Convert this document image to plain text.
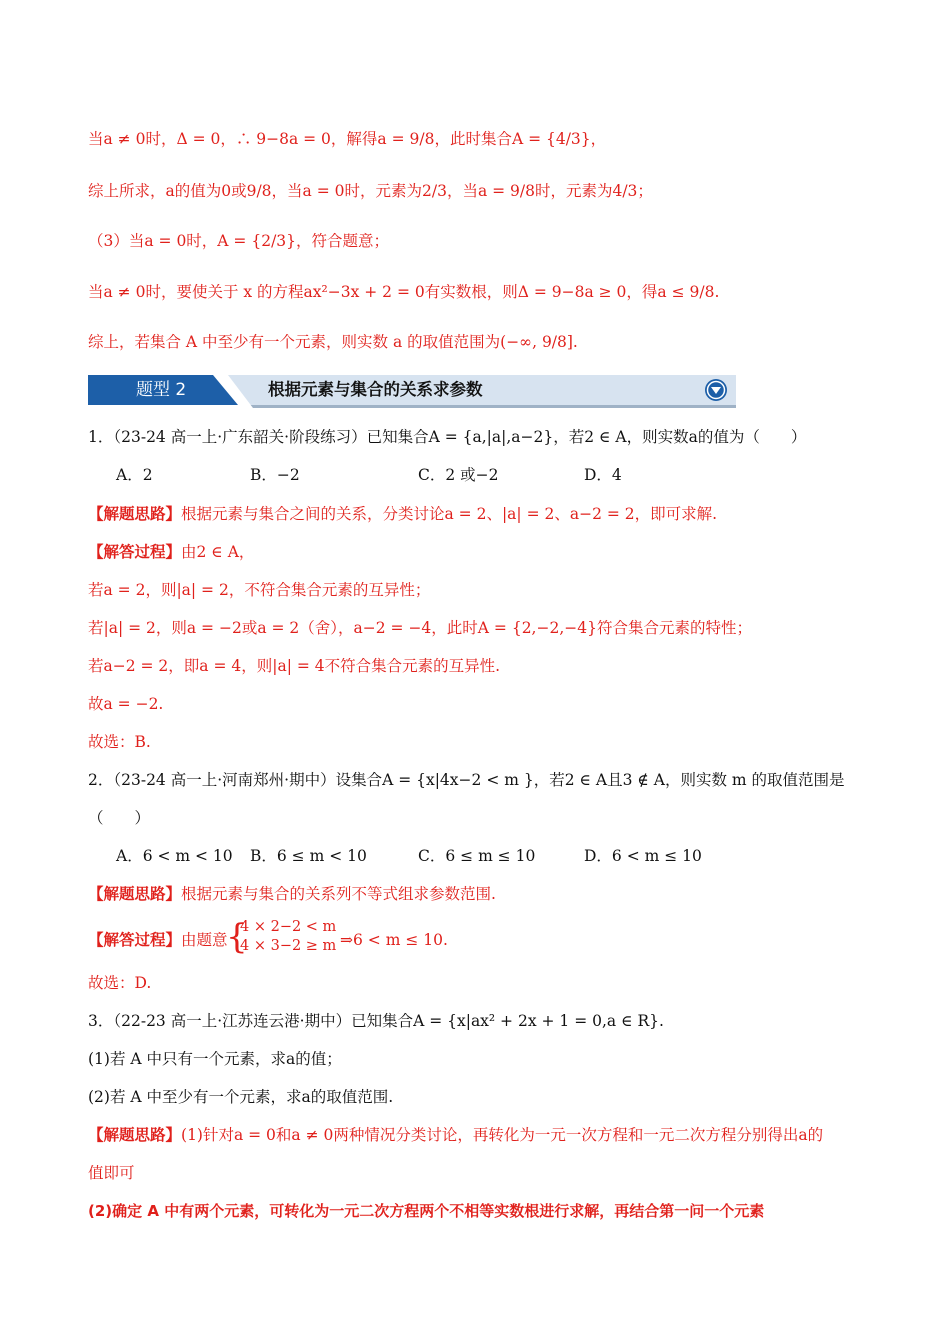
当a ≠ 0时，Δ = 0，∴ 9−8a = 0，解得a = 9/8，此时集合A = {4/3}，
综上所求，a的值为0或9/8，当a = 0时，元素为2/3，当a = 9/8时，元素为4/3；
（3）当a = 0时，A = {2/3}，符合题意；
当a ≠ 0时，要使关于 x 的方程ax²−3x + 2 = 0有实数根，则Δ = 9−8a ≥ 0，得a ≤ 9/8.
综上，若集合 A 中至少有一个元素，则实数 a 的取值范围为(−∞, 9/8].
题型 2	根据元素与集合的关系求参数
1．（23-24 高一上·广东韶关·阶段练习）已知集合A = {a,|a|,a−2}，若2 ∈ A，则实数a的值为（　　）
A．2	B．−2	C．2 或−2	D．4
【解题思路】根据元素与集合之间的关系，分类讨论a = 2、|a| = 2、a−2 = 2，即可求解.
【解答过程】由2 ∈ A，
若a = 2，则|a| = 2，不符合集合元素的互异性；
若|a| = 2，则a = −2或a = 2（舍），a−2 = −4，此时A = {2,−2,−4}符合集合元素的特性；
若a−2 = 2，即a = 4，则|a| = 4不符合集合元素的互异性.
故a = −2.
故选：B.
2．（23-24 高一上·河南郑州·期中）设集合A = {x|4x−2 < m }，若2 ∈ A且3 ∉ A，则实数 m 的取值范围是
（　　）
A．6 < m < 10 B．6 ≤ m < 10	C．6 ≤ m ≤ 10	D．6 < m ≤ 10
【解题思路】根据元素与集合的关系列不等式组求参数范围.
【解答过程】由题意
{
4 × 2−2 < m
4 × 3−2 ≥ m ⇒6 < m ≤ 10.
故选：D.
3．（22-23 高一上·江苏连云港·期中）已知集合A = {x|ax² + 2x + 1 = 0,a ∈ R}.
(1)若 A 中只有一个元素，求a的值；
(2)若 A 中至少有一个元素，求a的取值范围.
【解题思路】(1)针对a = 0和a ≠ 0两种情况分类讨论，再转化为一元一次方程和一元二次方程分别得出a的
值即可
(2)确定 A 中有两个元素，可转化为一元二次方程两个不相等实数根进行求解，再结合第一问一个元素
